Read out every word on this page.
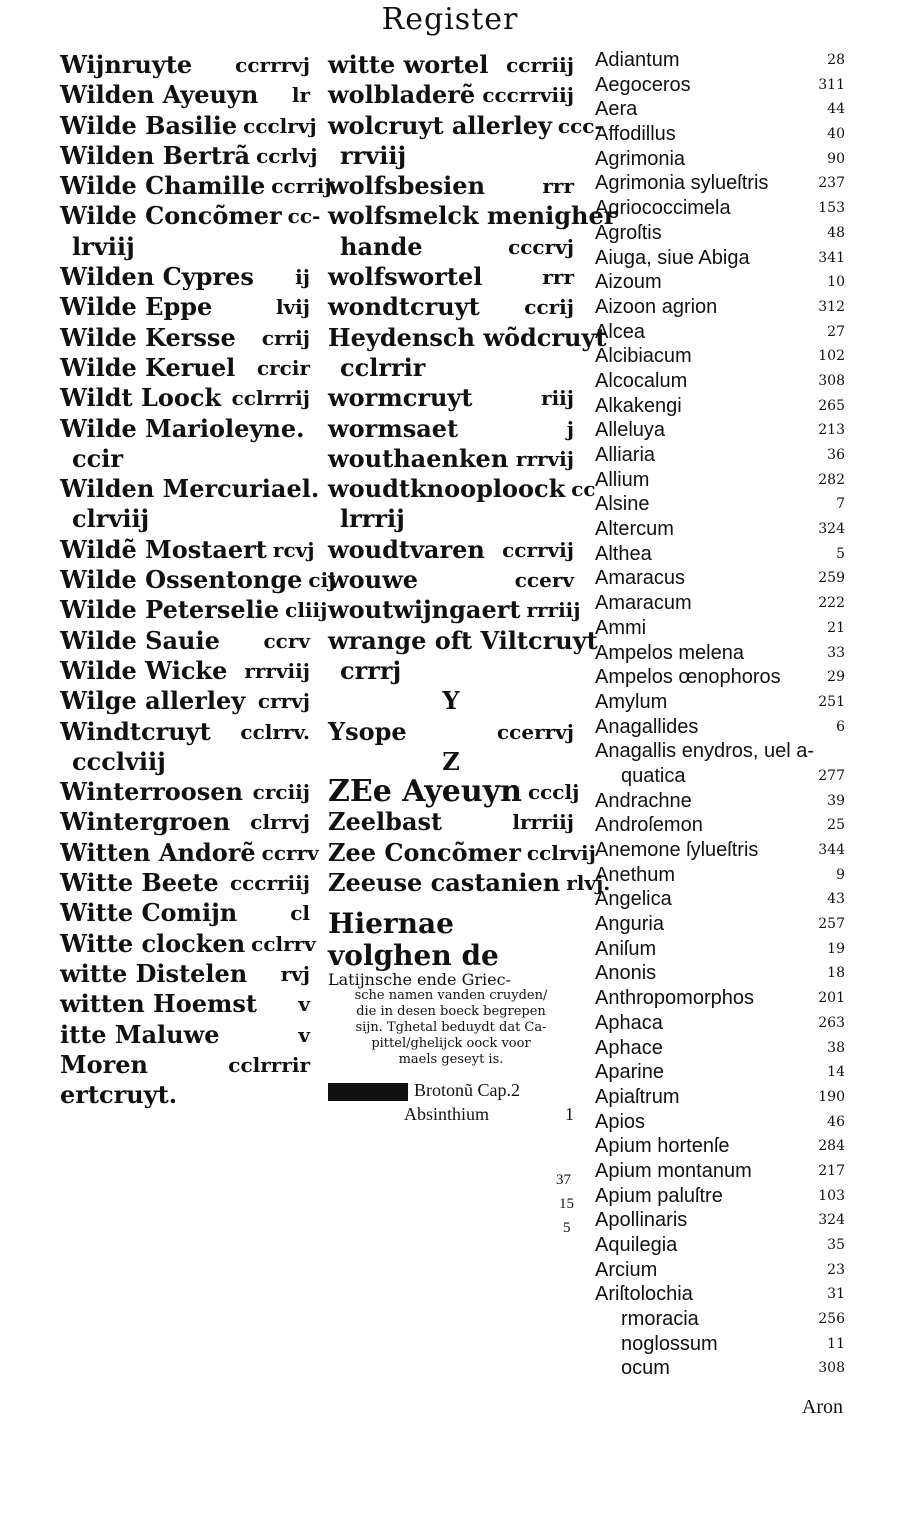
Register
Wijnruyte	ccrrrvj
Wilden Ayeuyn	lr
Wilde Basilie ccclrvj
Wilden Bertrã ccrlvj
Wilde Chamille ccrrij
Wilde Concõmer cc-
lrviij
Wilden Cypres	ij
Wilde Eppe	lvij
Wilde Kersse	crrij
Wilde Keruel	crcir
Wildt Loock cclrrrij
Wilde Marioleyne.
ccir
Wilden Mercuriael.
clrviij
Wildẽ Mostaert rcvj
Wilde Ossentonge cij
Wilde Peterselie cliij
Wilde Sauie	ccrv
Wilde Wicke rrrviij
Wilge allerley crrvj
Windtcruyt	cclrrv.
ccclviij
Winterroosen crciij
Wintergroen	clrrvj
Witten Andorẽ ccrrv
Witte Beete cccrriij
Witte Comijn	cl
Witte clocken cclrrv
witte Distelen	rvj
witten Hoemst	v
itte Maluwe	v
Moren	cclrrrir
ertcruyt.
witte wortel ccrriij
wolbladerẽ cccrrviij
wolcruyt allerley ccc-
rrviij
wolfsbesien	rrr
wolfsmelck menigher
hande	cccrvj
wolfswortel	rrr
wondtcruyt	ccrij
Heydensch wõdcruyt
cclrrir
wormcruyt	riij
wormsaet	j
wouthaenken rrrvij
woudtknooploock cc
lrrrij
woudtvaren ccrrvij
wouwe	ccerv
woutwijngaert rrriij
wrange oft Viltcruyt
crrrj
Y
Ysope	ccerrvj
Z
ZEe Ayeuyn ccclj
Zeelbast	lrrriij
Zee Concõmer cclrvij
Zeeuse castanien rlvj.
Hiernae volghen de
Latijnsche ende Griec-
sche namen vanden cruyden/
die in desen boeck begrepen
sijn. Tghetal beduydt dat Ca-
pittel/ghelijck oock voor
maels geseyt is.
Brotonũ Cap.2
Absinthium	1
37
15
5
Adiantum	28
Aegoceros	311
Aera	44
Affodillus	40
Agrimonia	90
Agrimonia sylueſtris	237
Agriococcimela	153
Agroſtis	48
Aiuga, siue Abiga	341
Aizoum	10
Aizoon agrion	312
Alcea	27
Alcibiacum	102
Alcocalum	308
Alkakengi	265
Alleluya	213
Alliaria	36
Allium	282
Alsine	7
Altercum	324
Althea	5
Amaracus	259
Amaracum	222
Ammi	21
Ampelos melena	33
Ampelos œnophoros	29
Amylum	251
Anagallides	6
Anagallis enydros, uel a-
quatica	277
Andrachne	39
Androſemon	25
Anemone ſylueſtris	344
Anethum	9
Angelica	43
Anguria	257
Aniſum	19
Anonis	18
Anthropomorphos	201
Aphaca	263
Aphace	38
Aparine	14
Apiaſtrum	190
Apios	46
Apium hortenſe	284
Apium montanum	217
Apium paluſtre	103
Apollinaris	324
Aquilegia	35
Arcium	23
Ariſtolochia	31
rmoracia	256
noglossum	11
ocum	308
Aron
